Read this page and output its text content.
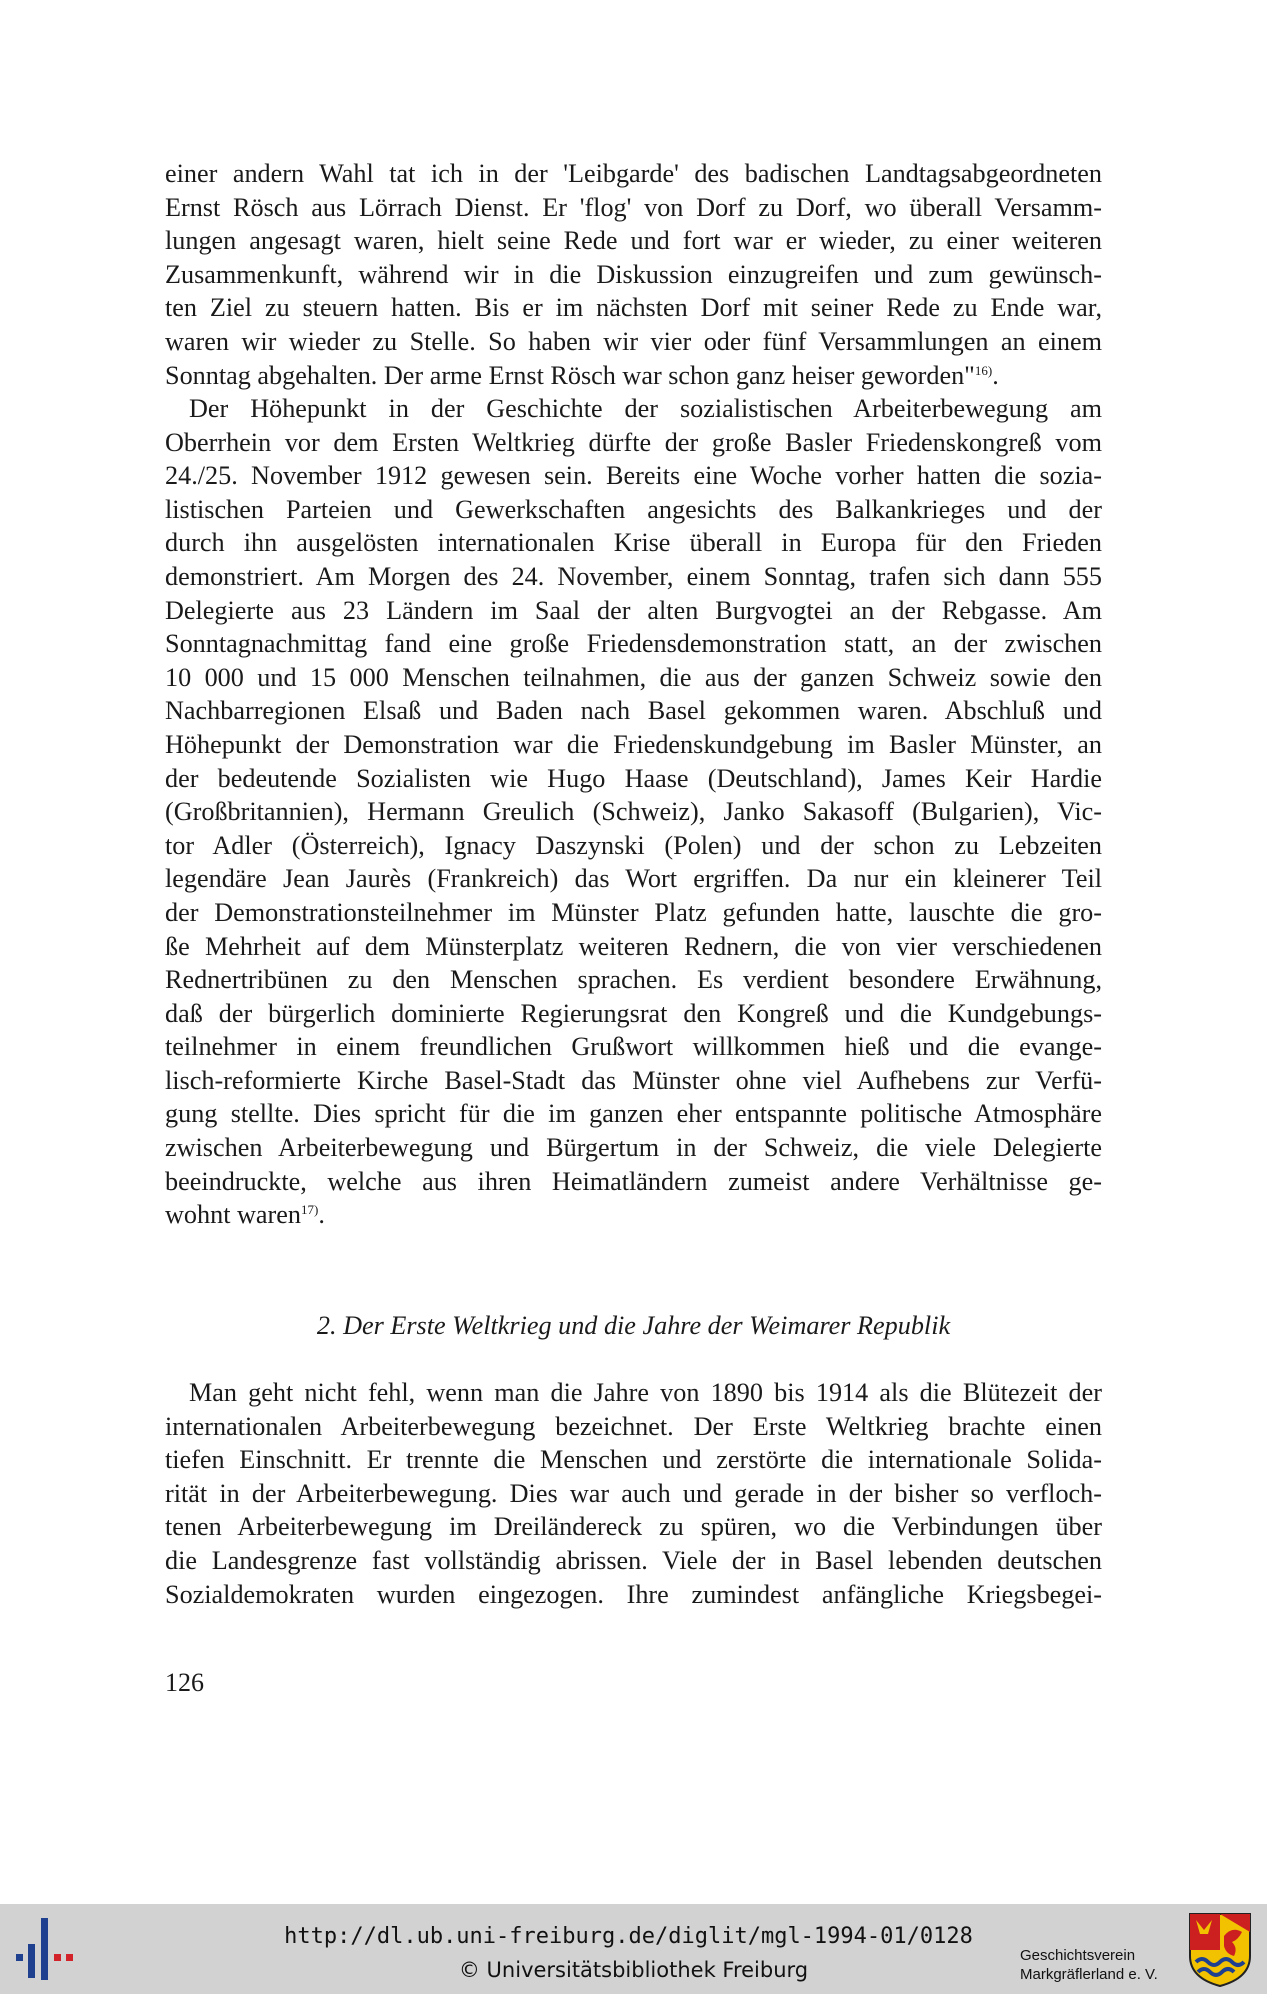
einer andern Wahl tat ich in der 'Leibgarde' des badischen Landtagsabgeordneten
Ernst Rösch aus Lörrach Dienst. Er 'flog' von Dorf zu Dorf, wo überall Versamm-
lungen angesagt waren, hielt seine Rede und fort war er wieder, zu einer weiteren
Zusammenkunft, während wir in die Diskussion einzugreifen und zum gewünsch-
ten Ziel zu steuern hatten. Bis er im nächsten Dorf mit seiner Rede zu Ende war,
waren wir wieder zu Stelle. So haben wir vier oder fünf Versammlungen an einem
Sonntag abgehalten. Der arme Ernst Rösch war schon ganz heiser geworden"$^{16)}$.
Der Höhepunkt in der Geschichte der sozialistischen Arbeiterbewegung am
Oberrhein vor dem Ersten Weltkrieg dürfte der große Basler Friedenskongreß vom
24./25. November 1912 gewesen sein. Bereits eine Woche vorher hatten die sozia-
listischen Parteien und Gewerkschaften angesichts des Balkankrieges und der
durch ihn ausgelösten internationalen Krise überall in Europa für den Frieden
demonstriert. Am Morgen des 24. November, einem Sonntag, trafen sich dann 555
Delegierte aus 23 Ländern im Saal der alten Burgvogtei an der Rebgasse. Am
Sonntagnachmittag fand eine große Friedensdemonstration statt, an der zwischen
10 000 und 15 000 Menschen teilnahmen, die aus der ganzen Schweiz sowie den
Nachbarregionen Elsaß und Baden nach Basel gekommen waren. Abschluß und
Höhepunkt der Demonstration war die Friedenskundgebung im Basler Münster, an
der bedeutende Sozialisten wie Hugo Haase (Deutschland), James Keir Hardie
(Großbritannien), Hermann Greulich (Schweiz), Janko Sakasoff (Bulgarien), Vic-
tor Adler (Österreich), Ignacy Daszynski (Polen) und der schon zu Lebzeiten
legendäre Jean Jaurès (Frankreich) das Wort ergriffen. Da nur ein kleinerer Teil
der Demonstrationsteilnehmer im Münster Platz gefunden hatte, lauschte die gro-
ße Mehrheit auf dem Münsterplatz weiteren Rednern, die von vier verschiedenen
Rednertribünen zu den Menschen sprachen. Es verdient besondere Erwähnung,
daß der bürgerlich dominierte Regierungsrat den Kongreß und die Kundgebungs-
teilnehmer in einem freundlichen Grußwort willkommen hieß und die evange-
lisch-reformierte Kirche Basel-Stadt das Münster ohne viel Aufhebens zur Verfü-
gung stellte. Dies spricht für die im ganzen eher entspannte politische Atmosphäre
zwischen Arbeiterbewegung und Bürgertum in der Schweiz, die viele Delegierte
beeindruckte, welche aus ihren Heimatländern zumeist andere Verhältnisse ge-
wohnt waren$^{17)}$.
2. Der Erste Weltkrieg und die Jahre der Weimarer Republik
Man geht nicht fehl, wenn man die Jahre von 1890 bis 1914 als die Blütezeit der
internationalen Arbeiterbewegung bezeichnet. Der Erste Weltkrieg brachte einen
tiefen Einschnitt. Er trennte die Menschen und zerstörte die internationale Solida-
rität in der Arbeiterbewegung. Dies war auch und gerade in der bisher so verfloch-
tenen Arbeiterbewegung im Dreiländereck zu spüren, wo die Verbindungen über
die Landesgrenze fast vollständig abrissen. Viele der in Basel lebenden deutschen
Sozialdemokraten wurden eingezogen. Ihre zumindest anfängliche Kriegsbegei-
126
http://dl.ub.uni-freiburg.de/diglit/mgl-1994-01/0128
© Universitätsbibliothek Freiburg
Geschichtsverein
Markgräflerland e. V.
